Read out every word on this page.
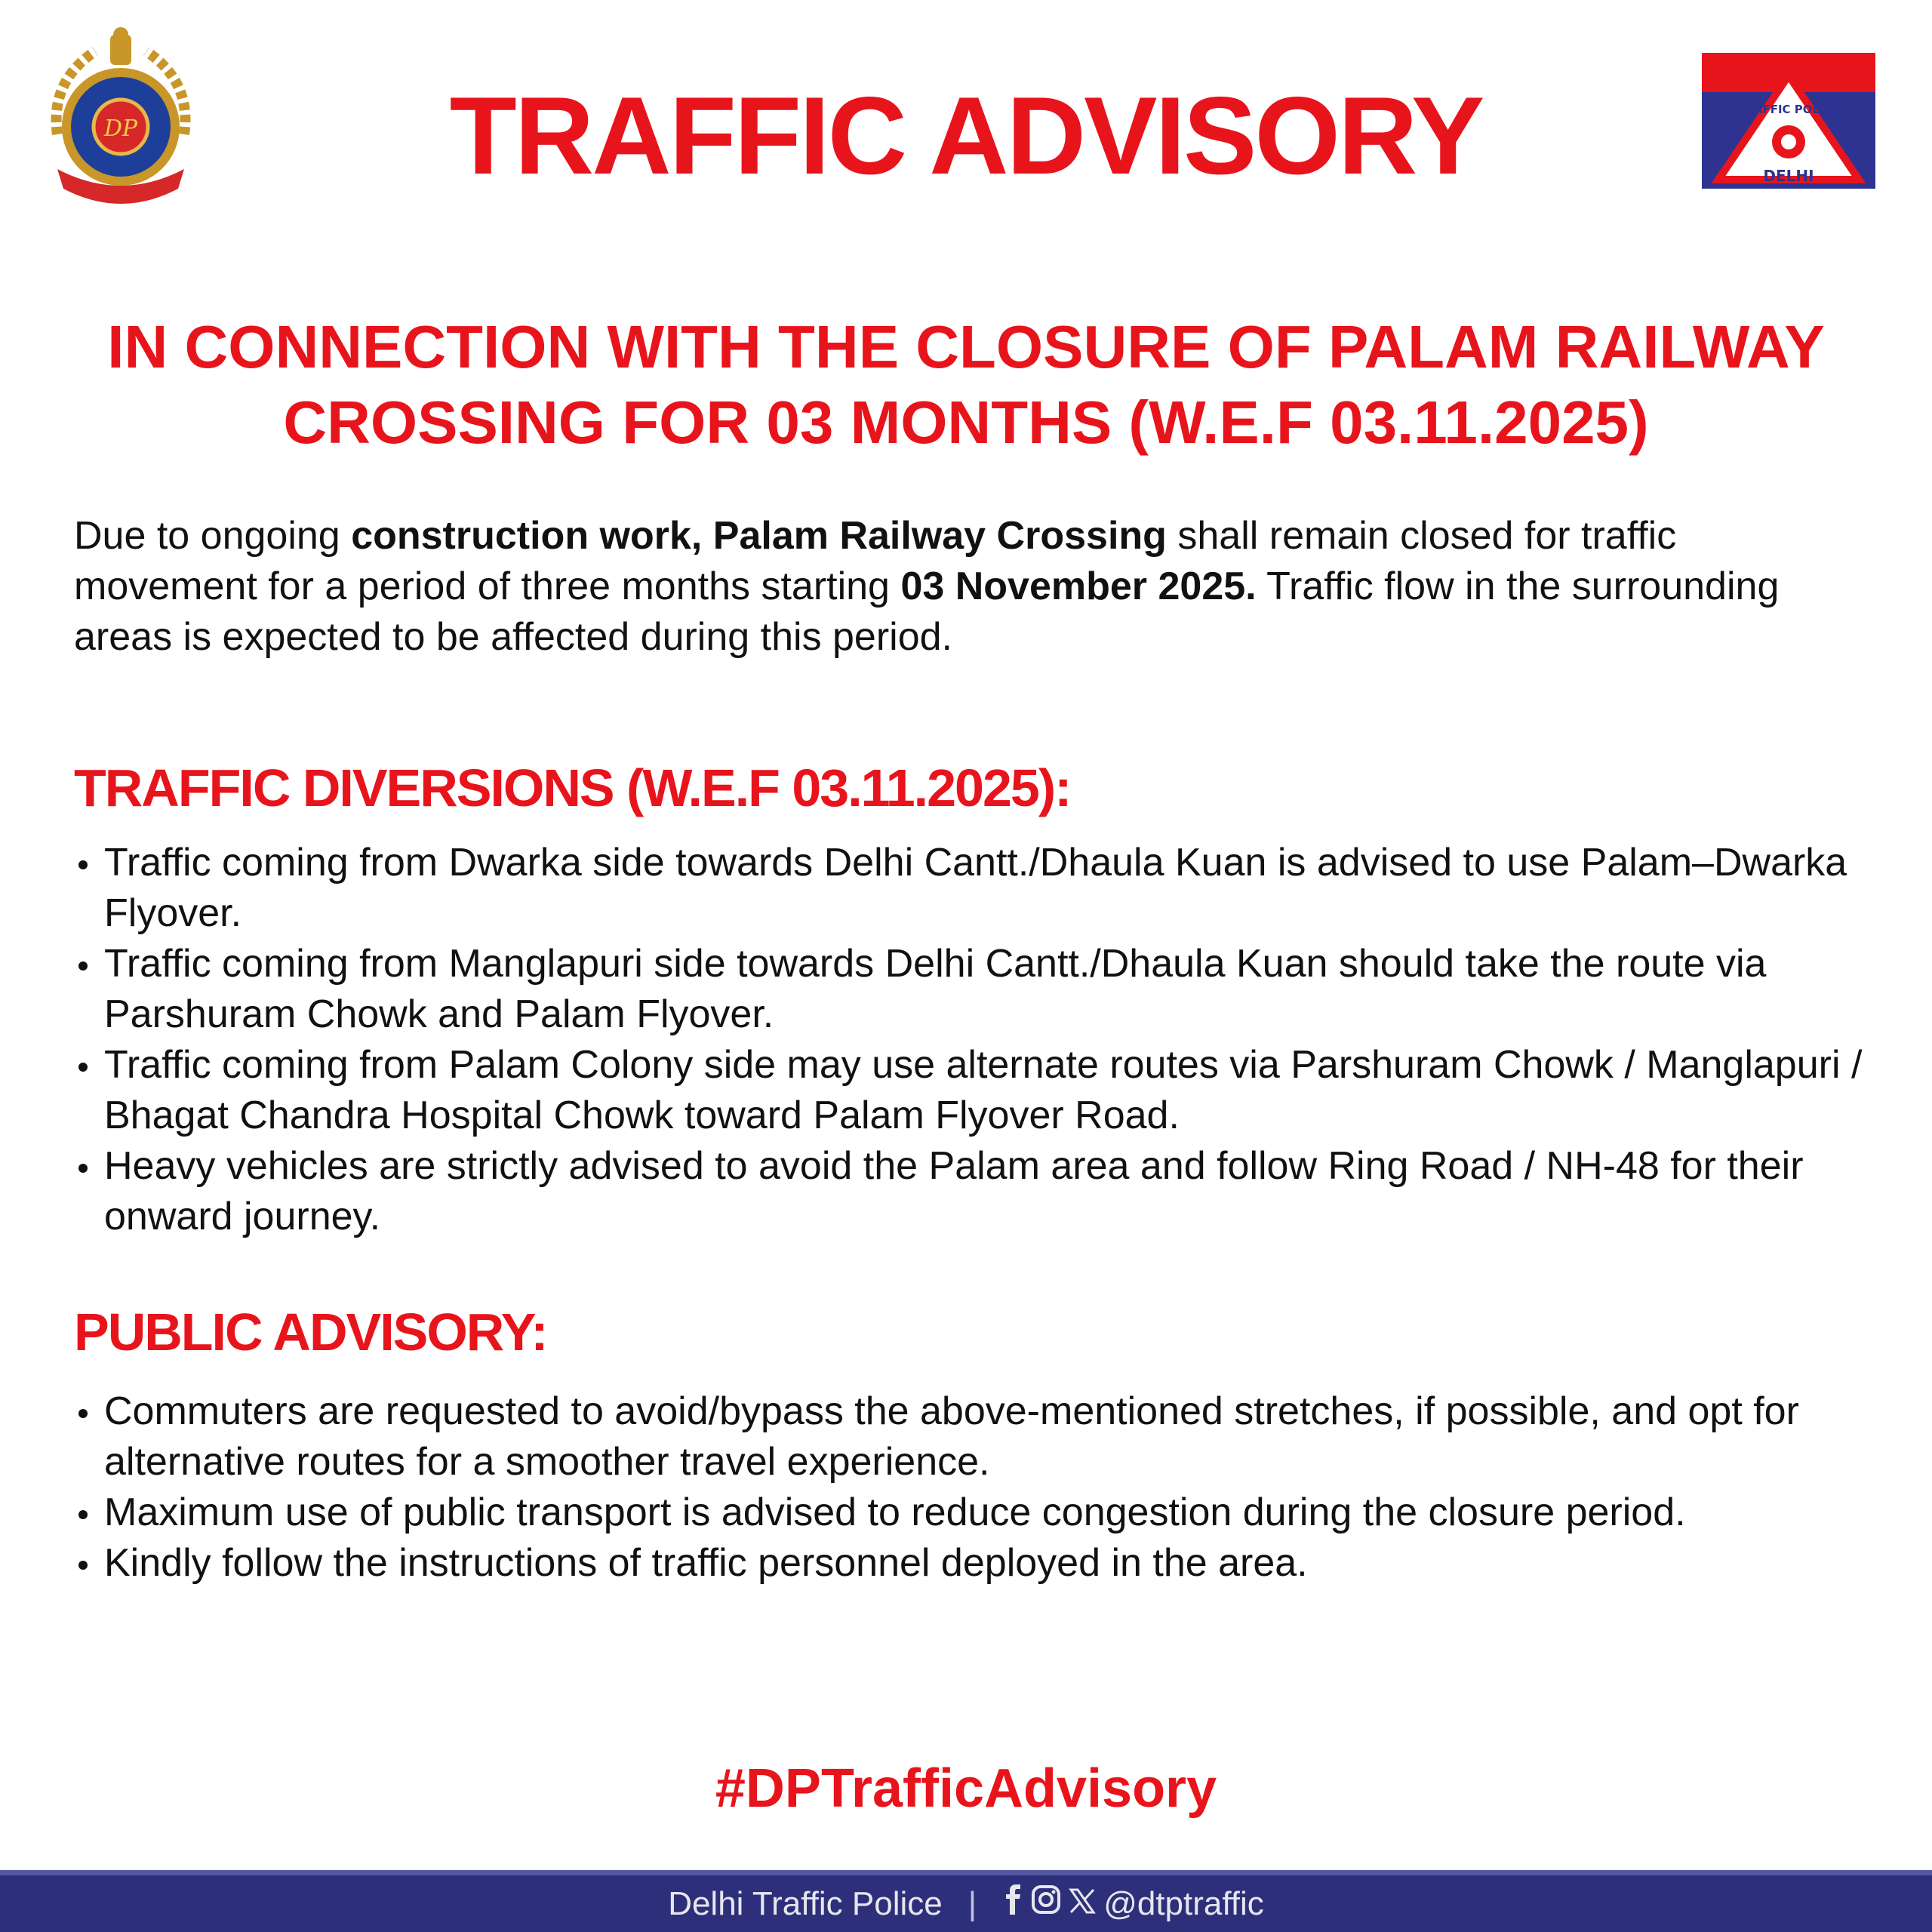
DP	TRAFFIC ADVISORY	DELHI
TRAFFIC POLICE
IN CONNECTION WITH THE CLOSURE OF PALAM RAILWAY
CROSSING FOR 03 MONTHS (W.E.F 03.11.2025)
Due to ongoing construction work, Palam Railway Crossing shall remain closed for traffic movement for a period of three months starting 03 November 2025. Traffic flow in the surrounding areas is expected to be affected during this period.
TRAFFIC DIVERSIONS (W.E.F 03.11.2025):
Traffic coming from Dwarka side towards Delhi Cantt./Dhaula Kuan is advised to use Palam–Dwarka Flyover.
Traffic coming from Manglapuri side towards Delhi Cantt./Dhaula Kuan should take the route via Parshuram Chowk and Palam Flyover.
Traffic coming from Palam Colony side may use alternate routes via Parshuram Chowk / Manglapuri / Bhagat Chandra Hospital Chowk toward Palam Flyover Road.
Heavy vehicles are strictly advised to avoid the Palam area and follow Ring Road / NH-48 for their onward journey.
PUBLIC ADVISORY:
Commuters are requested to avoid/bypass the above-mentioned stretches, if possible, and opt for alternative routes for a smoother travel experience.
Maximum use of public transport is advised to reduce congestion during the closure period.
Kindly follow the instructions of traffic personnel deployed in the area.
#DPTrafficAdvisory
Delhi Traffic Police |	@dtptraffic
